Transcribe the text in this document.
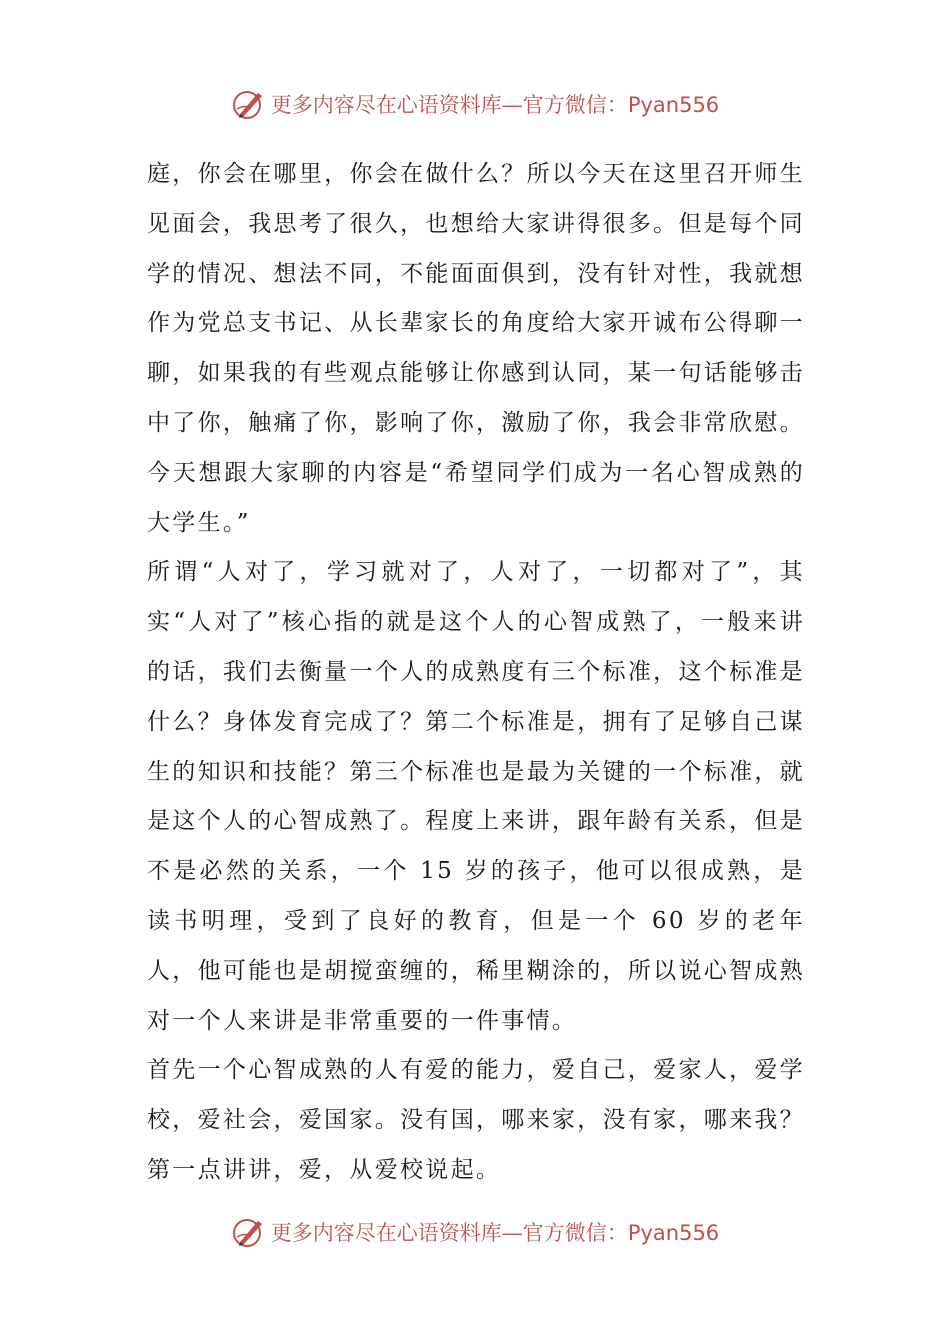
更多内容尽在心语资料库—官方微信：Pyan556

庭，你会在哪里，你会在做什么？所以今天在这里召开师生见面会，我思考了很久，也想给大家讲得很多。但是每个同学的情况、想法不同，不能面面俱到，没有针对性，我就想作为党总支书记、从长辈家长的角度给大家开诚布公得聊一聊，如果我的有些观点能够让你感到认同，某一句话能够击中了你，触痛了你，影响了你，激励了你，我会非常欣慰。今天想跟大家聊的内容是“希望同学们成为一名心智成熟的大学生。”

所谓“人对了，学习就对了，人对了，一切都对了”，其实“人对了”核心指的就是这个人的心智成熟了，一般来讲的话，我们去衡量一个人的成熟度有三个标准，这个标准是什么？身体发育完成了？第二个标准是，拥有了足够自己谋生的知识和技能？第三个标准也是最为关键的一个标准，就是这个人的心智成熟了。程度上来讲，跟年龄有关系，但是不是必然的关系，一个 15 岁的孩子，他可以很成熟，是读书明理，受到了良好的教育，但是一个 60 岁的老年人，他可能也是胡搅蛮缠的，稀里糊涂的，所以说心智成熟对一个人来讲是非常重要的一件事情。

首先一个心智成熟的人有爱的能力，爱自己，爱家人，爱学校，爱社会，爱国家。没有国，哪来家，没有家，哪来我？第一点讲讲，爱，从爱校说起。

更多内容尽在心语资料库—官方微信：Pyan556
